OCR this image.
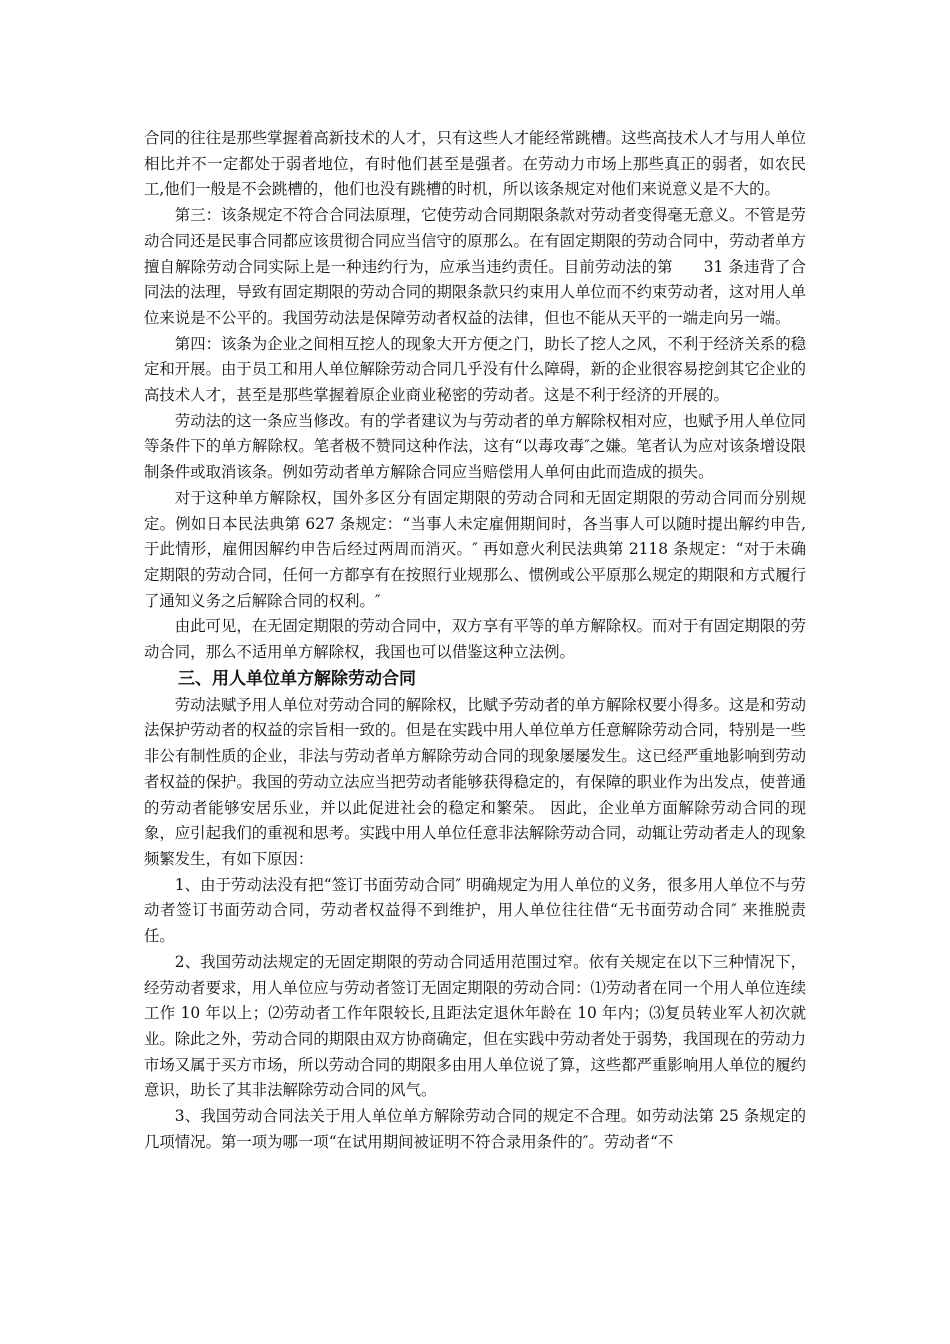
合同的往往是那些掌握着高新技术的人才，只有这些人才能经常跳槽。这些高技术人才与用人单位相比并不一定都处于弱者地位，有时他们甚至是强者。在劳动力市场上那些真正的弱者，如农民工,他们一般是不会跳槽的，他们也没有跳槽的时机，所以该条规定对他们来说意义是不大的。

第三：该条规定不符合合同法原理，它使劳动合同期限条款对劳动者变得毫无意义。不管是劳动合同还是民事合同都应该贯彻合同应当信守的原那么。在有固定期限的劳动合同中，劳动者单方擅自解除劳动合同实际上是一种违约行为，应承当违约责任。目前劳动法的第　　31 条违背了合同法的法理，导致有固定期限的劳动合同的期限条款只约束用人单位而不约束劳动者，这对用人单位来说是不公平的。我国劳动法是保障劳动者权益的法律，但也不能从天平的一端走向另一端。

第四：该条为企业之间相互挖人的现象大开方便之门，助长了挖人之风，不利于经济关系的稳定和开展。由于员工和用人单位解除劳动合同几乎没有什么障碍，新的企业很容易挖剑其它企业的高技术人才，甚至是那些掌握着原企业商业秘密的劳动者。这是不利于经济的开展的。

劳动法的这一条应当修改。有的学者建议为与劳动者的单方解除权相对应，也赋予用人单位同等条件下的单方解除权。笔者极不赞同这种作法，这有“以毒攻毒″之嫌。笔者认为应对该条增设限制条件或取消该条。例如劳动者单方解除合同应当赔偿用人单何由此而造成的损失。

对于这种单方解除权，国外多区分有固定期限的劳动合同和无固定期限的劳动合同而分别规定。例如日本民法典第 627 条规定：“当事人未定雇佣期间时，各当事人可以随时提出解约申告,于此情形，雇佣因解约申告后经过两周而消灭。″ 再如意火利民法典第 2118 条规定：“对于未确定期限的劳动合同，任何一方都享有在按照行业规那么、惯例或公平原那么规定的期限和方式履行了通知义务之后解除合同的权利。″

由此可见，在无固定期限的劳动合同中，双方享有平等的单方解除权。而对于有固定期限的劳动合同，那么不适用单方解除权，我国也可以借鉴这种立法例。

三、用人单位单方解除劳动合同

劳动法赋予用人单位对劳动合同的解除权，比赋予劳动者的单方解除权要小得多。这是和劳动法保护劳动者的权益的宗旨相一致的。但是在实践中用人单位单方任意解除劳动合同，特别是一些非公有制性质的企业，非法与劳动者单方解除劳动合同的现象屡屡发生。这已经严重地影响到劳动者权益的保护。我国的劳动立法应当把劳动者能够获得稳定的，有保障的职业作为出发点，使普通的劳动者能够安居乐业，并以此促进社会的稳定和繁荣。 因此，企业单方面解除劳动合同的现象，应引起我们的重视和思考。实践中用人单位任意非法解除劳动合同，动辄让劳动者走人的现象频繁发生，有如下原因：

1、由于劳动法没有把“签订书面劳动合同″ 明确规定为用人单位的义务，很多用人单位不与劳动者签订书面劳动合同，劳动者权益得不到维护，用人单位往往借“无书面劳动合同″ 来推脱责任。

2、我国劳动法规定的无固定期限的劳动合同适用范围过窄。依有关规定在以下三种情况下，经劳动者要求，用人单位应与劳动者签订无固定期限的劳动合同：⑴劳动者在同一个用人单位连续工作 10 年以上；⑵劳动者工作年限较长,且距法定退休年龄在 10 年内；⑶复员转业军人初次就业。除此之外，劳动合同的期限由双方协商确定，但在实践中劳动者处于弱势，我国现在的劳动力市场又属于买方市场，所以劳动合同的期限多由用人单位说了算，这些都严重影响用人单位的履约意识，助长了其非法解除劳动合同的风气。

3、我国劳动合同法关于用人单位单方解除劳动合同的规定不合理。如劳动法第 25 条规定的几项情况。第一项为哪一项“在试用期间被证明不符合录用条件的″。劳动者“不
